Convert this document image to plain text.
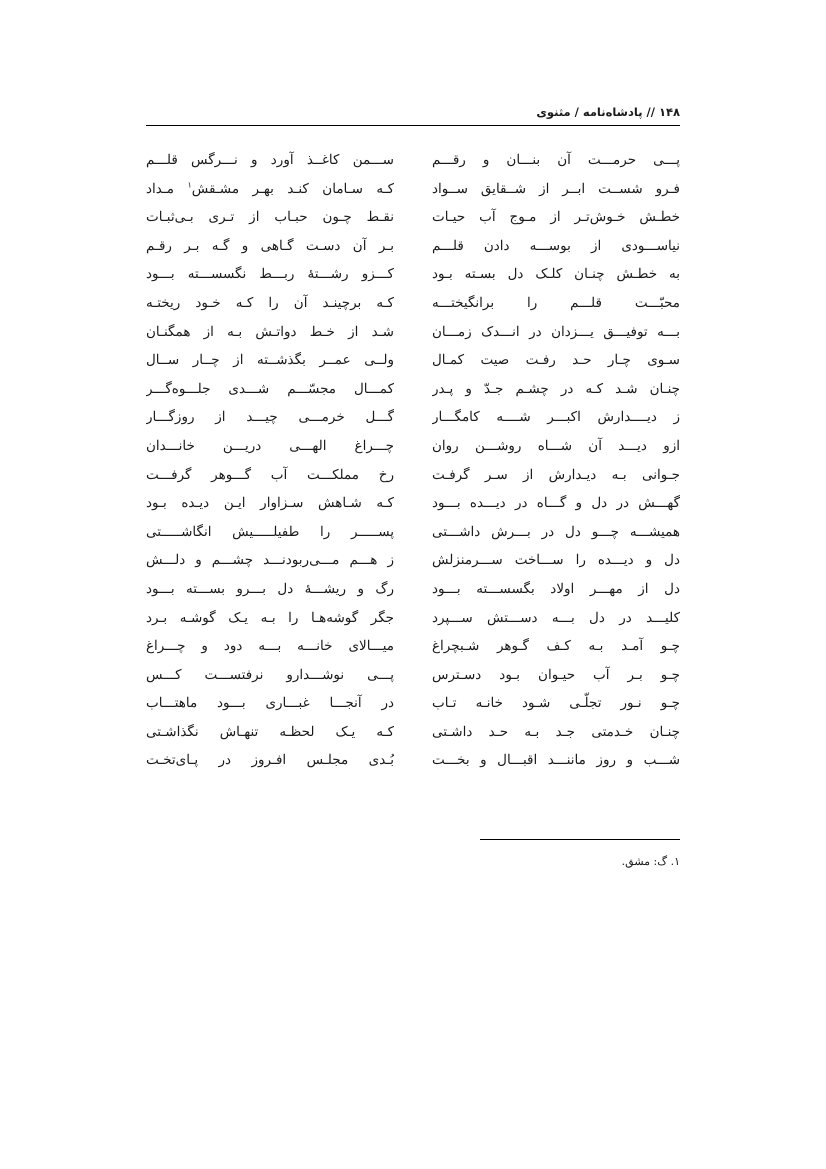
۱۴۸ // پادشاه‌نامه / مثنوی
پـــی حرمـــت آن بنـــان و رقـــم
ســـمن کاغــذ آورد و نـــرگس قلـــم
فـرو شســت ابــر از شــقایق ســواد
کـه سـامان کنـد بهـر مشـقش$^۱$ مـداد
خطـش خـوش‌تـر از مـوج آب حیـات
نقـط چـون حبـاب از تـری بـی‌ثبـات
نیاســـودی از بوســـه دادن قلـــم
بـر آن دسـت گـاهی و گـه بـر رقـم
به خطـش چنـان کلـک دل بسـته بـود
کـــزو رشـــتهٔ ربـــط نگسســـته بـــود
محبّـــت قلـــم را برانگیختـــه
کـه برچینـد آن را کـه خـود ریختـه
بـــه توفیـــق یـــزدان در انـــدک زمـــان
شـد از خـط دواتـش بـه از همگنـان
سـوی چـار حـد رفـت صیت کمـال
ولــی عمــر بگذشــته از چــار ســال
چنـان شـد کـه در چشـم جـدّ و پـدر
کمـــال مجسّـــم شـــدی جلـــوه‌گـــر
ز دیــــدارش اکبـــر شــــه کامگـــار
گـــل خرمـــی چیـــد از روزگـــار
ازو دیـــد آن شـــاه روشـــن روان
چـــراغ الهـــی دریـــن خانـــدان
جـوانی بـه دیـدارش از سـر گرفـت
رخ مملکـــت آب گـــوهر گرفـــت
گهـــش در دل و گـــاه در دیـــده بـــود
کـه شـاهش سـزاوار ایـن دیـده بـود
همیشـــه چـــو دل در بـــرش داشـــتی
پســـــر را طفیلـــــیش انگاشـــــتی
دل و دیـــده را ســـاخت ســـرمنزلش
ز هـــم مـــی‌ربودنـــد چشـــم و دلـــش
دل از مهـــر اولاد بگسســـته بـــود
رگ و ریشـــهٔ دل بـــرو بســـته بـــود
کلیـــد در دل بـــه دســـتش ســـپرد
جگر گوشه‌هـا را بـه یـک گوشـه بـرد
چـو آمـد بـه کـف گـوهر شـبچراغ
میـــالای خانـــه بـــه دود و چـــراغ
چـو بـر آب حیـوان بـود دسـترس
پـــی نوشـــدارو نرفتســـت کـــس
چـو نـور تجلّـی شـود خانـه تـاب
در آنجـــا غبـــاری بـــود ماهتـــاب
چنـان خـدمتی جـد بـه حـد داشـتی
کـه یـک لحظـه تنهـاش نگذاشـتی
شـــب و روز ماننـــد اقبـــال و بخـــت
بُـدی مجلـس افـروز در پـای‌تخـت
۱. گ: مشق.
